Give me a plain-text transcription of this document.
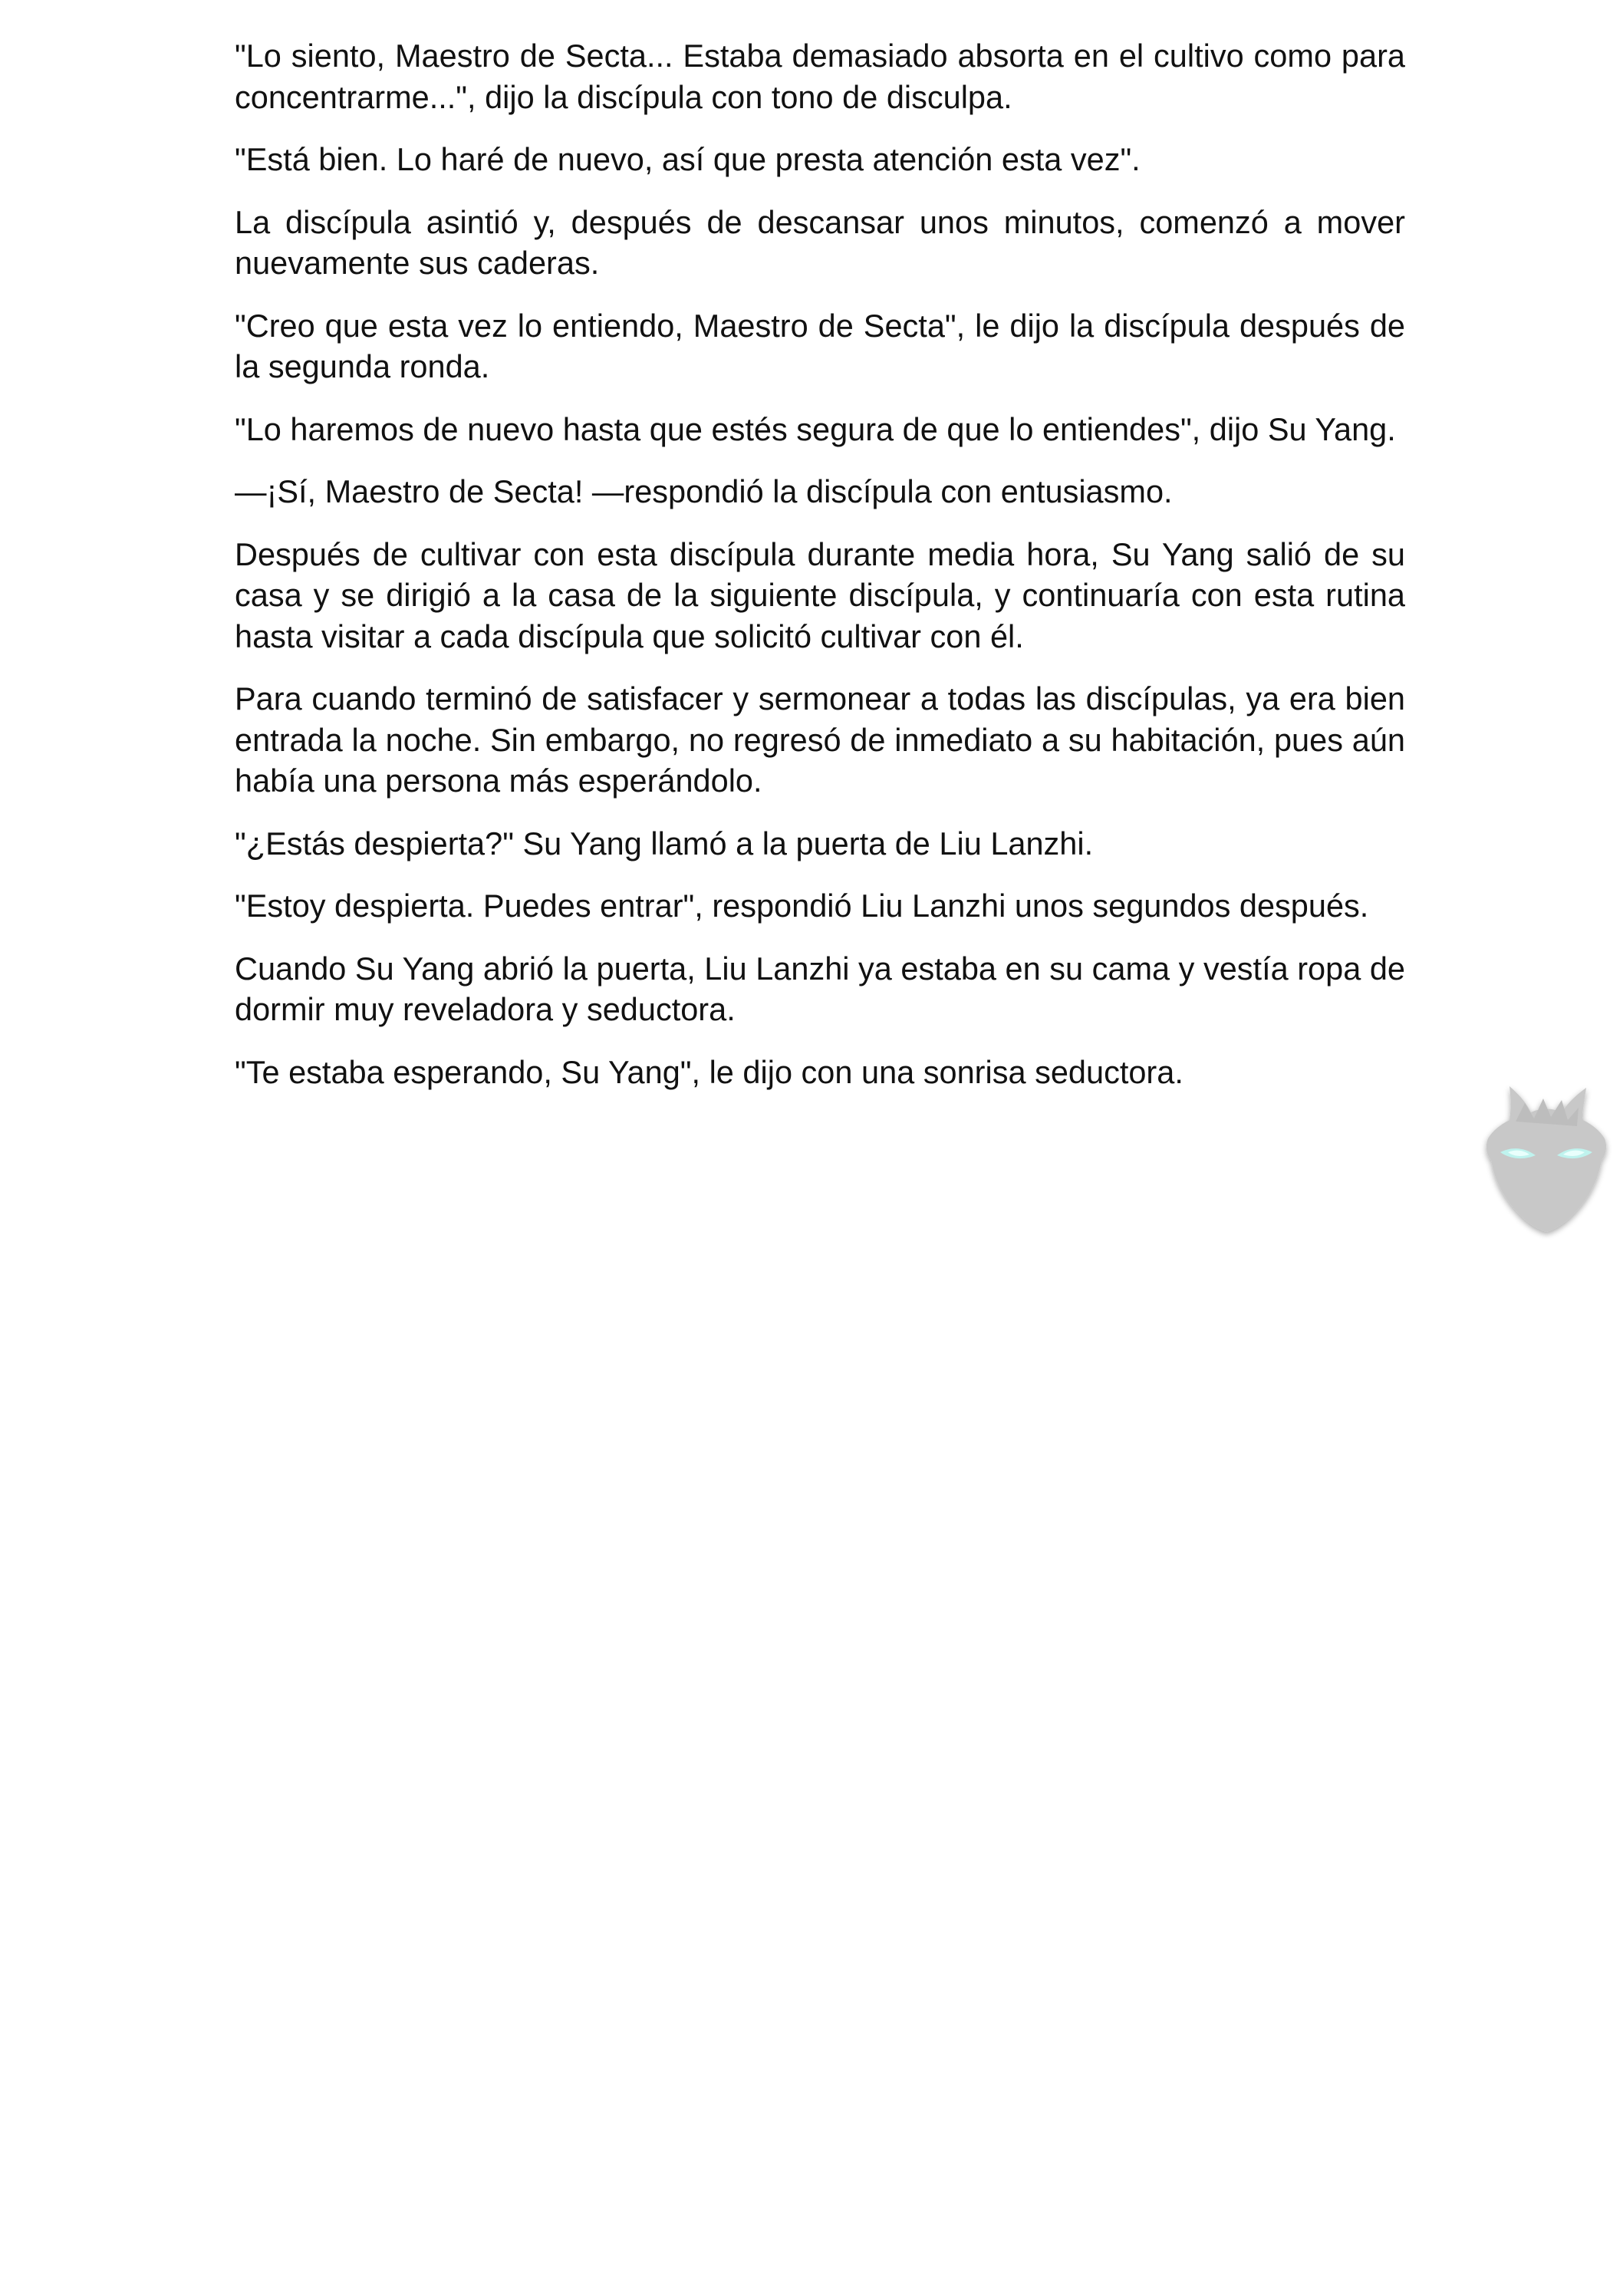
"Lo siento, Maestro de Secta... Estaba demasiado absorta en el cultivo como para concentrarme...", dijo la discípula con tono de disculpa.

"Está bien. Lo haré de nuevo, así que presta atención esta vez".

La discípula asintió y, después de descansar unos minutos, comenzó a mover nuevamente sus caderas.

"Creo que esta vez lo entiendo, Maestro de Secta", le dijo la discípula después de la segunda ronda.

"Lo haremos de nuevo hasta que estés segura de que lo entiendes", dijo Su Yang.

—¡Sí, Maestro de Secta! —respondió la discípula con entusiasmo.

Después de cultivar con esta discípula durante media hora, Su Yang salió de su casa y se dirigió a la casa de la siguiente discípula, y continuaría con esta rutina hasta visitar a cada discípula que solicitó cultivar con él.

Para cuando terminó de satisfacer y sermonear a todas las discípulas, ya era bien entrada la noche. Sin embargo, no regresó de inmediato a su habitación, pues aún había una persona más esperándolo.

"¿Estás despierta?" Su Yang llamó a la puerta de Liu Lanzhi.

"Estoy despierta. Puedes entrar", respondió Liu Lanzhi unos segundos después.

Cuando Su Yang abrió la puerta, Liu Lanzhi ya estaba en su cama y vestía ropa de dormir muy reveladora y seductora.

"Te estaba esperando, Su Yang", le dijo con una sonrisa seductora.
